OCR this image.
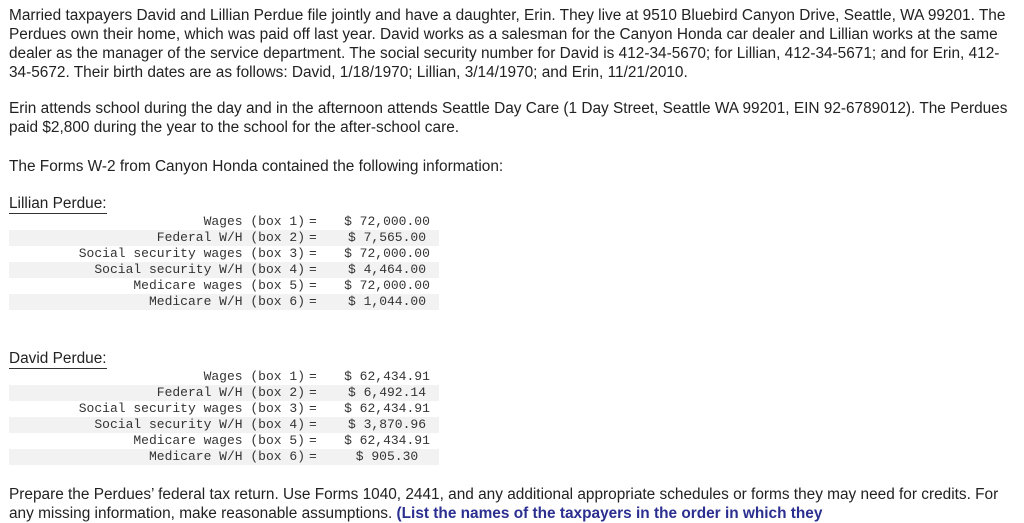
Married taxpayers David and Lillian Perdue file jointly and have a daughter, Erin. They live at 9510 Bluebird Canyon Drive, Seattle, WA 99201. The Perdues own their home, which was paid off last year. David works as a salesman for the Canyon Honda car dealer and Lillian works at the same dealer as the manager of the service department. The social security number for David is 412-34-5670; for Lillian, 412-34-5671; and for Erin, 412-34-5672. Their birth dates are as follows: David, 1/18/1970; Lillian, 3/14/1970; and Erin, 11/21/2010.

Erin attends school during the day and in the afternoon attends Seattle Day Care (1 Day Street, Seattle WA 99201, EIN 92-6789012). The Perdues paid $2,800 during the year to the school for the after-school care.

The Forms W-2 from Canyon Honda contained the following information:

Lillian Perdue:
Wages (box 1)	=	$ 72,000.00
Federal W/H (box 2)	=	$ 7,565.00
Social security wages (box 3)	=	$ 72,000.00
Social security W/H (box 4)	=	$ 4,464.00
Medicare wages (box 5)	=	$ 72,000.00
Medicare W/H (box 6)	=	$ 1,044.00
David Perdue:
Wages (box 1)	=	$ 62,434.91
Federal W/H (box 2)	=	$ 6,492.14
Social security wages (box 3)	=	$ 62,434.91
Social security W/H (box 4)	=	$ 3,870.96
Medicare wages (box 5)	=	$ 62,434.91
Medicare W/H (box 6)	=	$ 905.30

Prepare the Perdues’ federal tax return. Use Forms 1040, 2441, and any additional appropriate schedules or forms they may need for credits. For any missing information, make reasonable assumptions. (List the names of the taxpayers in the order in which they
